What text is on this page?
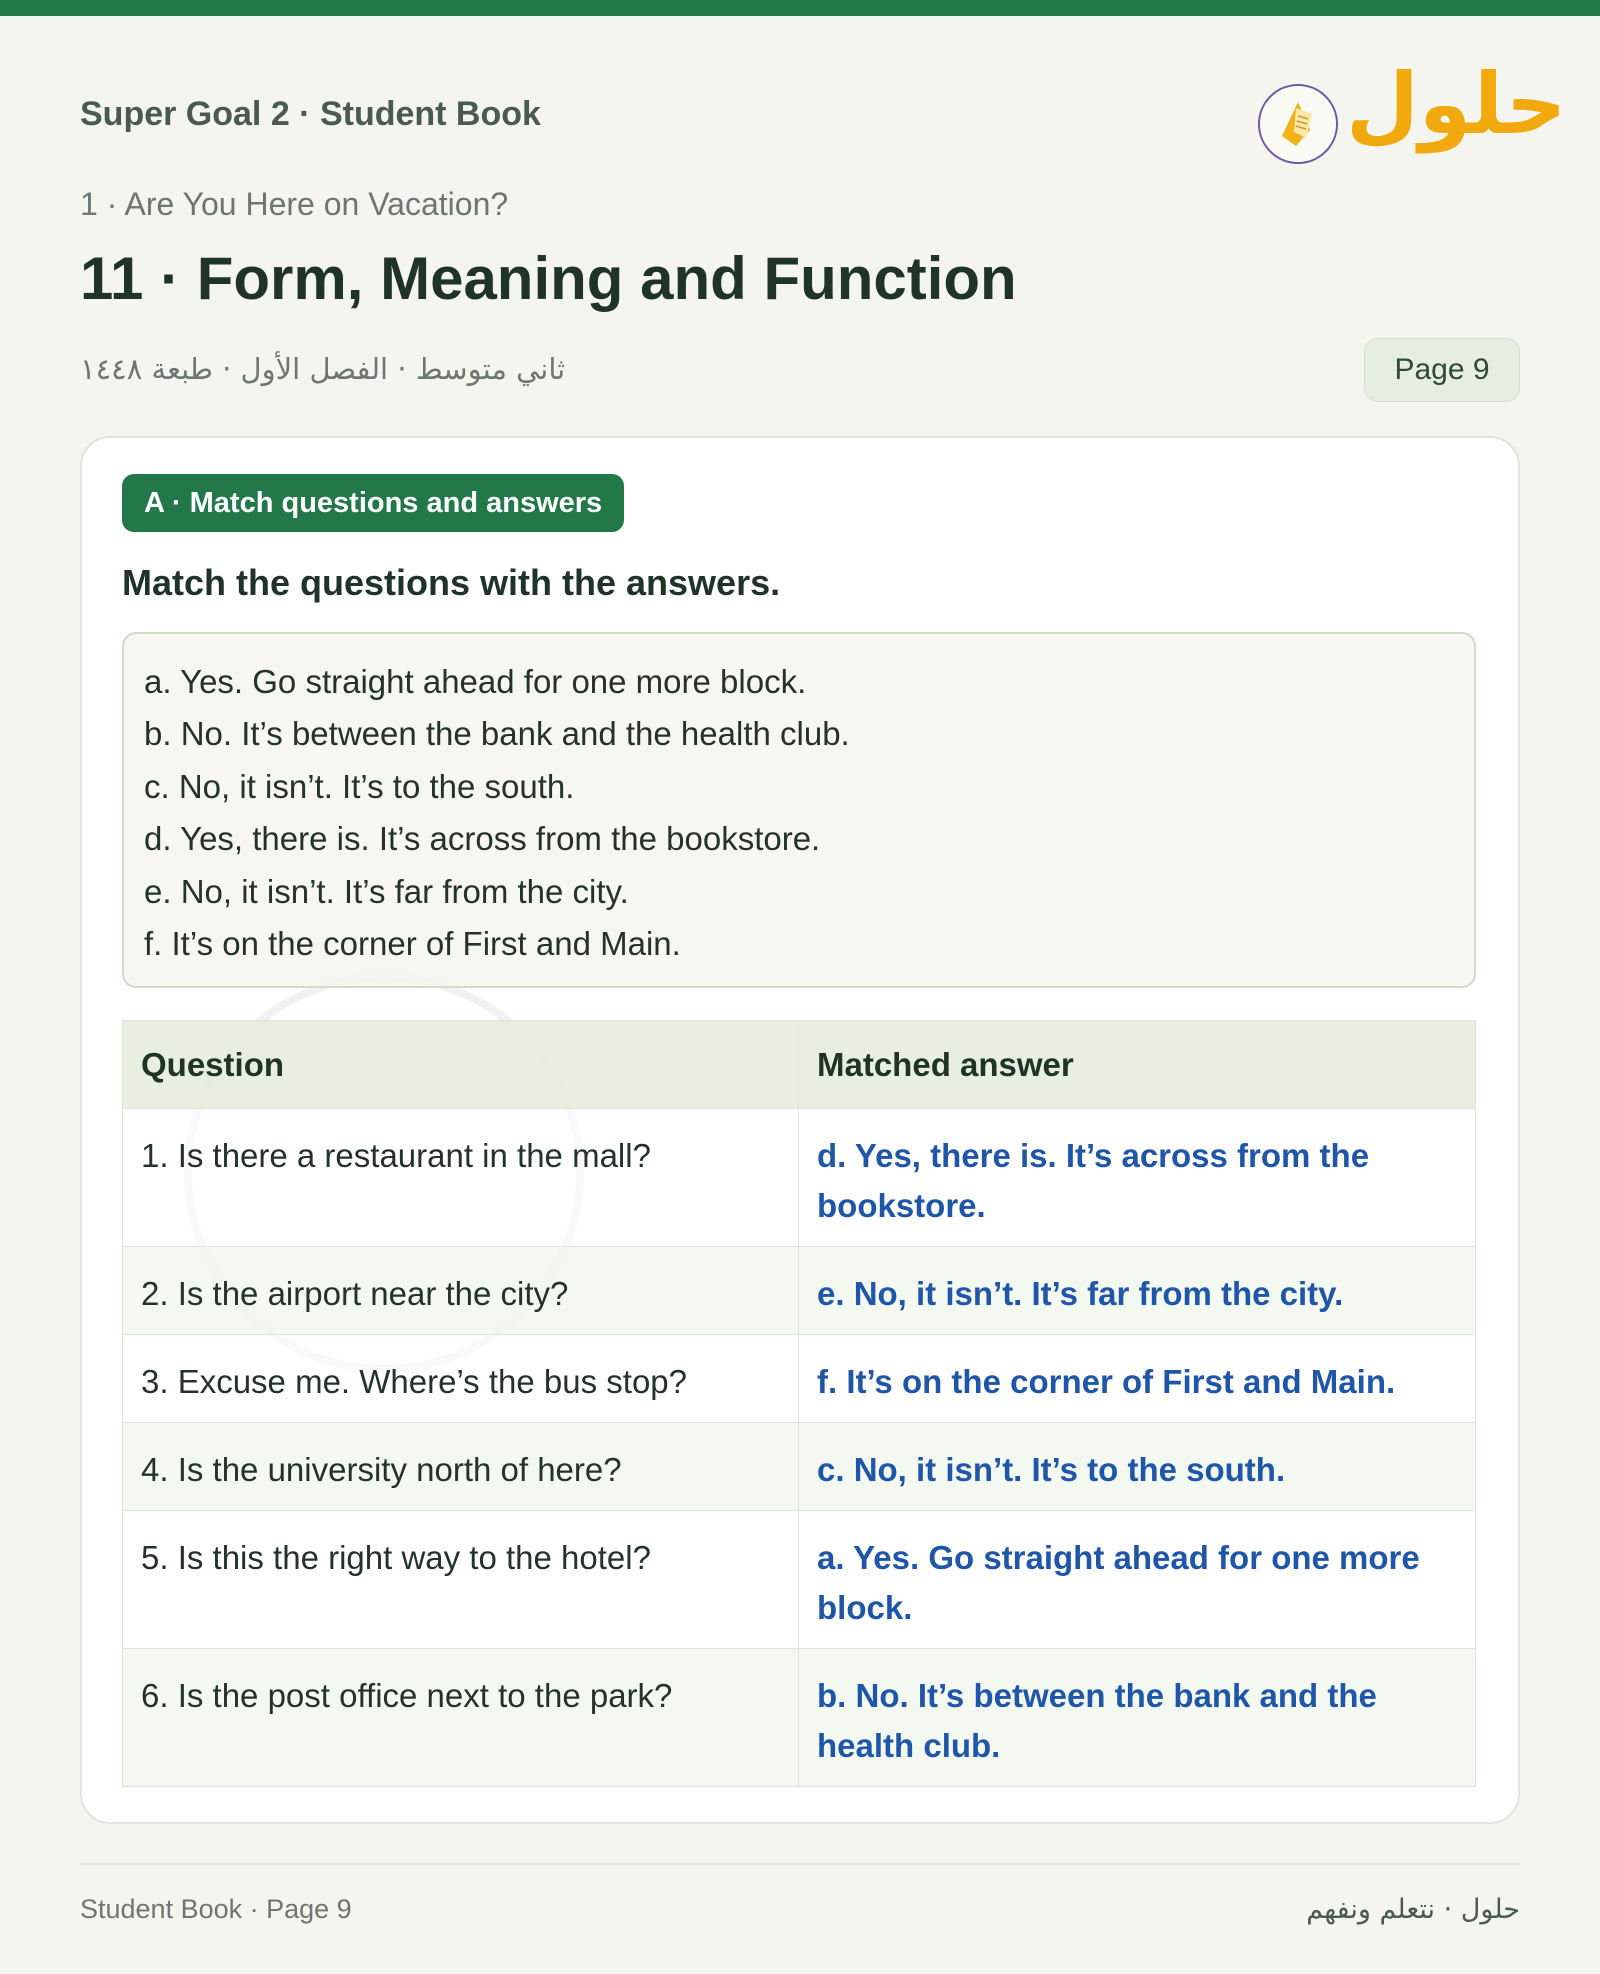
Super Goal 2 · Student Book	حلول
1 · Are You Here on Vacation?
11 · Form, Meaning and Function
ثاني متوسط · الفصل الأول · طبعة ١٤٤٨	Page 9
A · Match questions and answers
Match the questions with the answers.
a. Yes. Go straight ahead for one more block.
b. No. It’s between the bank and the health club.
c. No, it isn’t. It’s to the south.
d. Yes, there is. It’s across from the bookstore.
e. No, it isn’t. It’s far from the city.
f. It’s on the corner of First and Main.
Question	Matched answer
1. Is there a restaurant in the mall?	d. Yes, there is. It’s across from the bookstore.
2. Is the airport near the city?	e. No, it isn’t. It’s far from the city.
3. Excuse me. Where’s the bus stop?	f. It’s on the corner of First and Main.
4. Is the university north of here?	c. No, it isn’t. It’s to the south.
5. Is this the right way to the hotel?	a. Yes. Go straight ahead for one more block.
6. Is the post office next to the park?	b. No. It’s between the bank and the health club.
Student Book · Page 9	حلول · نتعلم ونفهم
